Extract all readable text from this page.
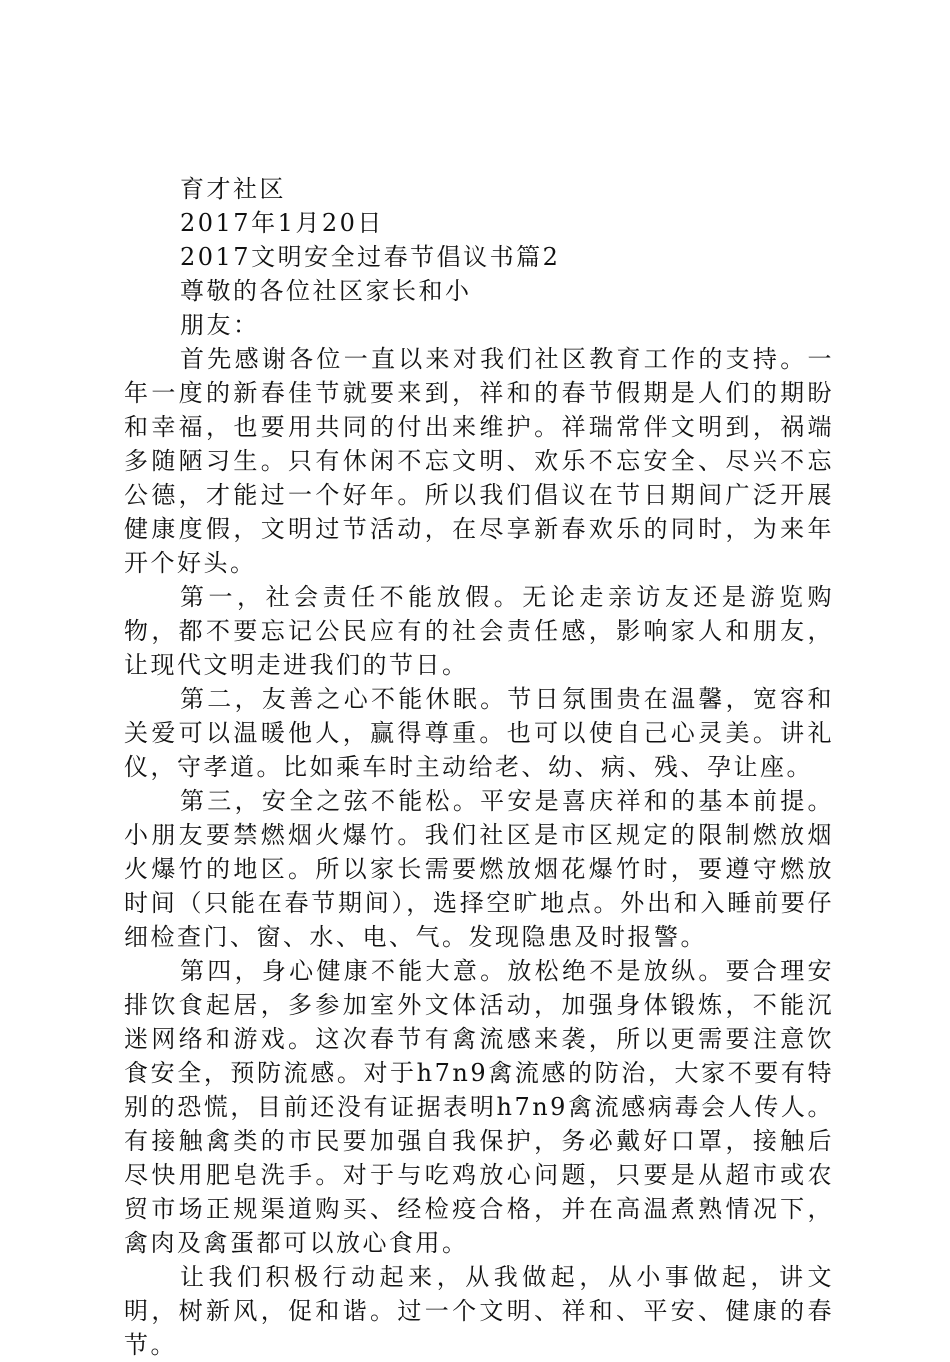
育才社区
2017年1月20日
2017文明安全过春节倡议书篇2
尊敬的各位社区家长和小
朋友：

首先感谢各位一直以来对我们社区教育工作的支持。一年一度的新春佳节就要来到，祥和的春节假期是人们的期盼和幸福，也要用共同的付出来维护。祥瑞常伴文明到，祸端多随陋习生。只有休闲不忘文明、欢乐不忘安全、尽兴不忘公德，才能过一个好年。所以我们倡议在节日期间广泛开展健康度假，文明过节活动，在尽享新春欢乐的同时，为来年开个好头。

第一，社会责任不能放假。无论走亲访友还是游览购物，都不要忘记公民应有的社会责任感，影响家人和朋友，让现代文明走进我们的节日。

第二，友善之心不能休眠。节日氛围贵在温馨，宽容和关爱可以温暖他人，赢得尊重。也可以使自己心灵美。讲礼仪，守孝道。比如乘车时主动给老、幼、病、残、孕让座。

第三，安全之弦不能松。平安是喜庆祥和的基本前提。小朋友要禁燃烟火爆竹。我们社区是市区规定的限制燃放烟火爆竹的地区。所以家长需要燃放烟花爆竹时，要遵守燃放时间（只能在春节期间），选择空旷地点。外出和入睡前要仔细检查门、窗、水、电、气。发现隐患及时报警。

第四，身心健康不能大意。放松绝不是放纵。要合理安排饮食起居，多参加室外文体活动，加强身体锻炼，不能沉迷网络和游戏。这次春节有禽流感来袭，所以更需要注意饮食安全，预防流感。对于h7n9禽流感的防治，大家不要有特别的恐慌，目前还没有证据表明h7n9禽流感病毒会人传人。有接触禽类的市民要加强自我保护，务必戴好口罩，接触后尽快用肥皂洗手。对于与吃鸡放心问题，只要是从超市或农贸市场正规渠道购买、经检疫合格，并在高温煮熟情况下，禽肉及禽蛋都可以放心食用。

让我们积极行动起来，从我做起，从小事做起，讲文明，树新风，促和谐。过一个文明、祥和、平安、健康的春节。
